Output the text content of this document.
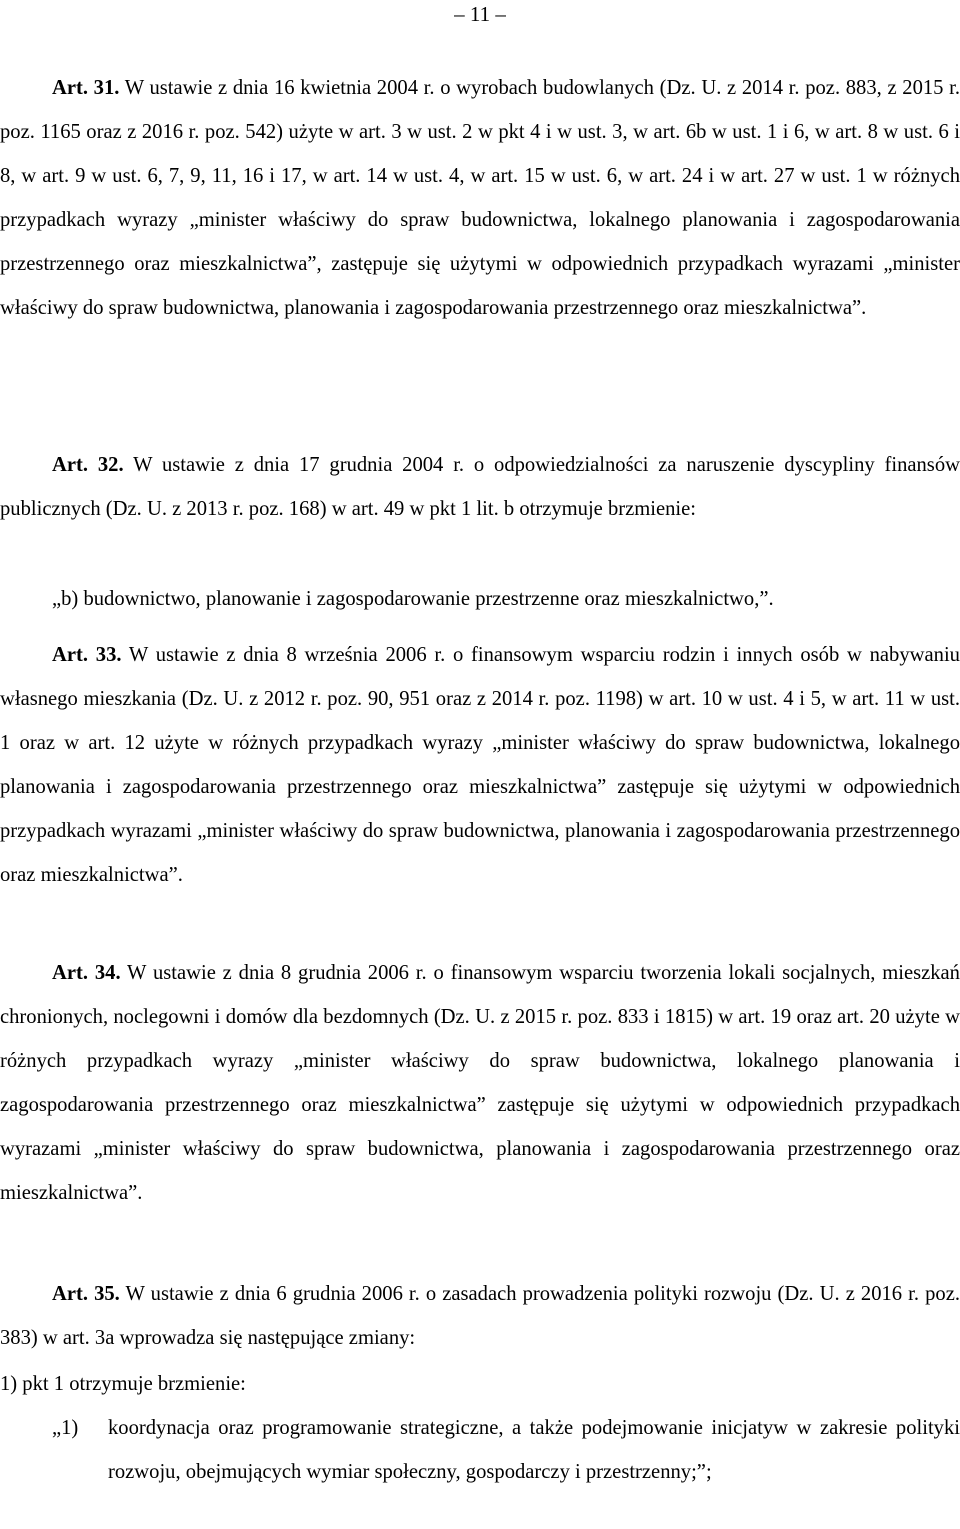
– 11 –

Art. 31. W ustawie z dnia 16 kwietnia 2004 r. o wyrobach budowlanych (Dz. U. z 2014 r. poz. 883, z 2015 r. poz. 1165 oraz z 2016 r. poz. 542) użyte w art. 3 w ust. 2 w pkt 4 i w ust. 3, w art. 6b w ust. 1 i 6, w art. 8 w ust. 6 i 8, w art. 9 w ust. 6, 7, 9, 11, 16 i 17, w art. 14 w ust. 4, w art. 15 w ust. 6, w art. 24 i w art. 27 w ust. 1 w różnych przypadkach wyrazy „minister właściwy do spraw budownictwa, lokalnego planowania i zagospodarowania przestrzennego oraz mieszkalnictwa”, zastępuje się użytymi w odpowiednich przypadkach wyrazami „minister właściwy do spraw budownictwa, planowania i zagospodarowania przestrzennego oraz mieszkalnictwa”.

Art. 32. W ustawie z dnia 17 grudnia 2004 r. o odpowiedzialności za naruszenie dyscypliny finansów publicznych (Dz. U. z 2013 r. poz. 168) w art. 49 w pkt 1 lit. b otrzymuje brzmienie:

„b) budownictwo, planowanie i zagospodarowanie przestrzenne oraz mieszkalnictwo,”.

Art. 33. W ustawie z dnia 8 września 2006 r. o finansowym wsparciu rodzin i innych osób w nabywaniu własnego mieszkania (Dz. U. z 2012 r. poz. 90, 951 oraz z 2014 r. poz. 1198) w art. 10 w ust. 4 i 5, w art. 11 w ust. 1 oraz w art. 12 użyte w różnych przypadkach wyrazy „minister właściwy do spraw budownictwa, lokalnego planowania i zagospodarowania przestrzennego oraz mieszkalnictwa” zastępuje się użytymi w odpowiednich przypadkach wyrazami „minister właściwy do spraw budownictwa, planowania i zagospodarowania przestrzennego oraz mieszkalnictwa”.

Art. 34. W ustawie z dnia 8 grudnia 2006 r. o finansowym wsparciu tworzenia lokali socjalnych, mieszkań chronionych, noclegowni i domów dla bezdomnych (Dz. U. z 2015 r. poz. 833 i 1815) w art. 19 oraz art. 20 użyte w różnych przypadkach wyrazy „minister właściwy do spraw budownictwa, lokalnego planowania i zagospodarowania przestrzennego oraz mieszkalnictwa” zastępuje się użytymi w odpowiednich przypadkach wyrazami „minister właściwy do spraw budownictwa, planowania i zagospodarowania przestrzennego oraz mieszkalnictwa”.

Art. 35. W ustawie z dnia 6 grudnia 2006 r. o zasadach prowadzenia polityki rozwoju (Dz. U. z 2016 r. poz. 383) w art. 3a wprowadza się następujące zmiany:

1) pkt 1 otrzymuje brzmienie:

„1)	koordynacja oraz programowanie strategiczne, a także podejmowanie inicjatyw w zakresie polityki rozwoju, obejmujących wymiar społeczny, gospodarczy i przestrzenny;”;
